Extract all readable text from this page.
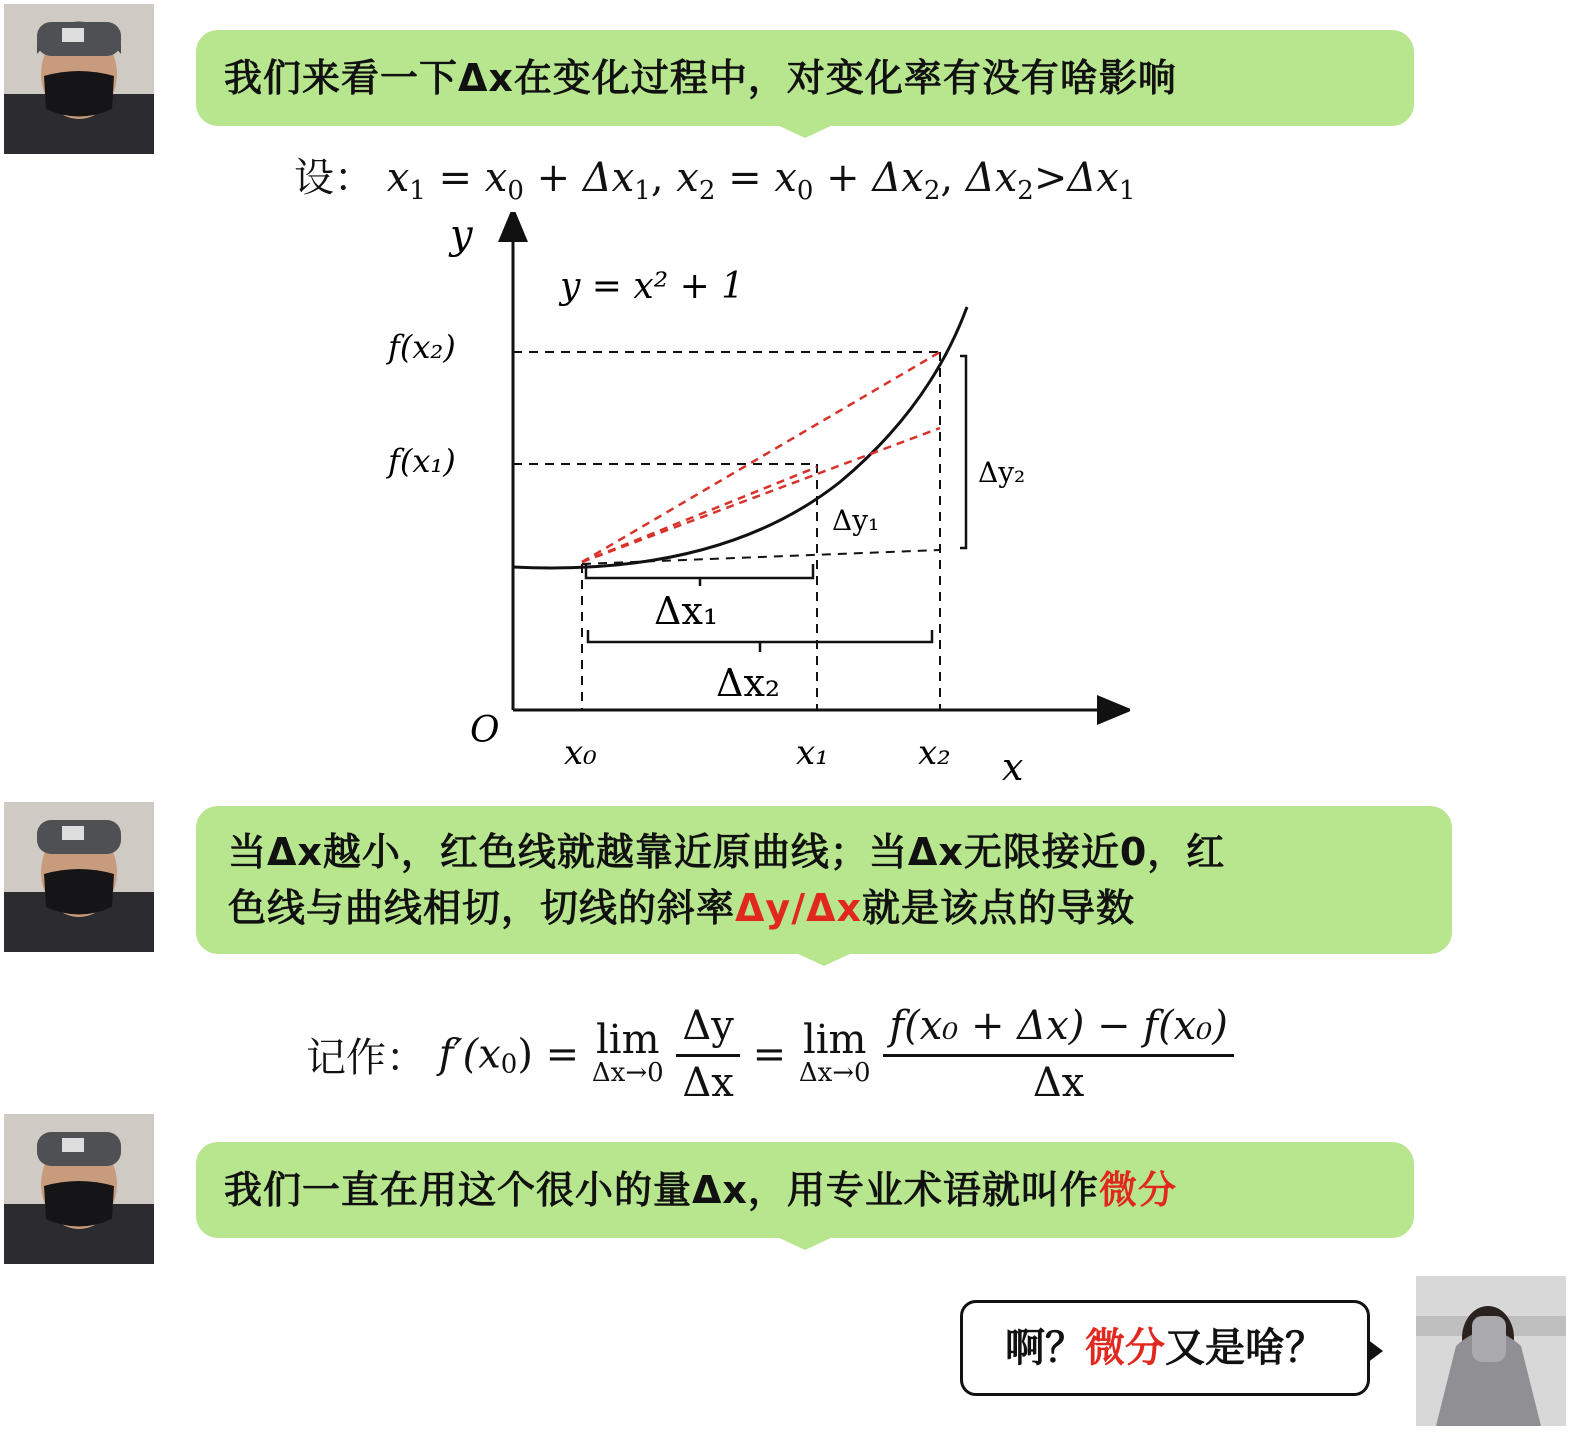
我们来看一下Δx在变化过程中，对变化率有没有啥影响
设： $x_1 = x_0 + \Delta x_1$, $x_2 = x_0 + \Delta x_2$, $\Delta x_2>\Delta x_1$
y
x
O
y = x² + 1
x₀	x₁	x₂
f(x₂)
f(x₁)
Δx₁
Δx₂
Δy₁
Δy₂
当Δx越小，红色线就越靠近原曲线；当Δx无限接近0，红
色线与曲线相切，切线的斜率Δy/Δx就是该点的导数
记作： $f'(x_0) = \lim$
Δx→0
$\frac{\Delta y}{\Delta x} = \lim$
Δx→0
$\frac{\text{f(x₀ + Δx) − f(x₀)}}{\Delta x}$
我们一直在用这个很小的量Δx，用专业术语就叫作微分
啊？微分又是啥？
